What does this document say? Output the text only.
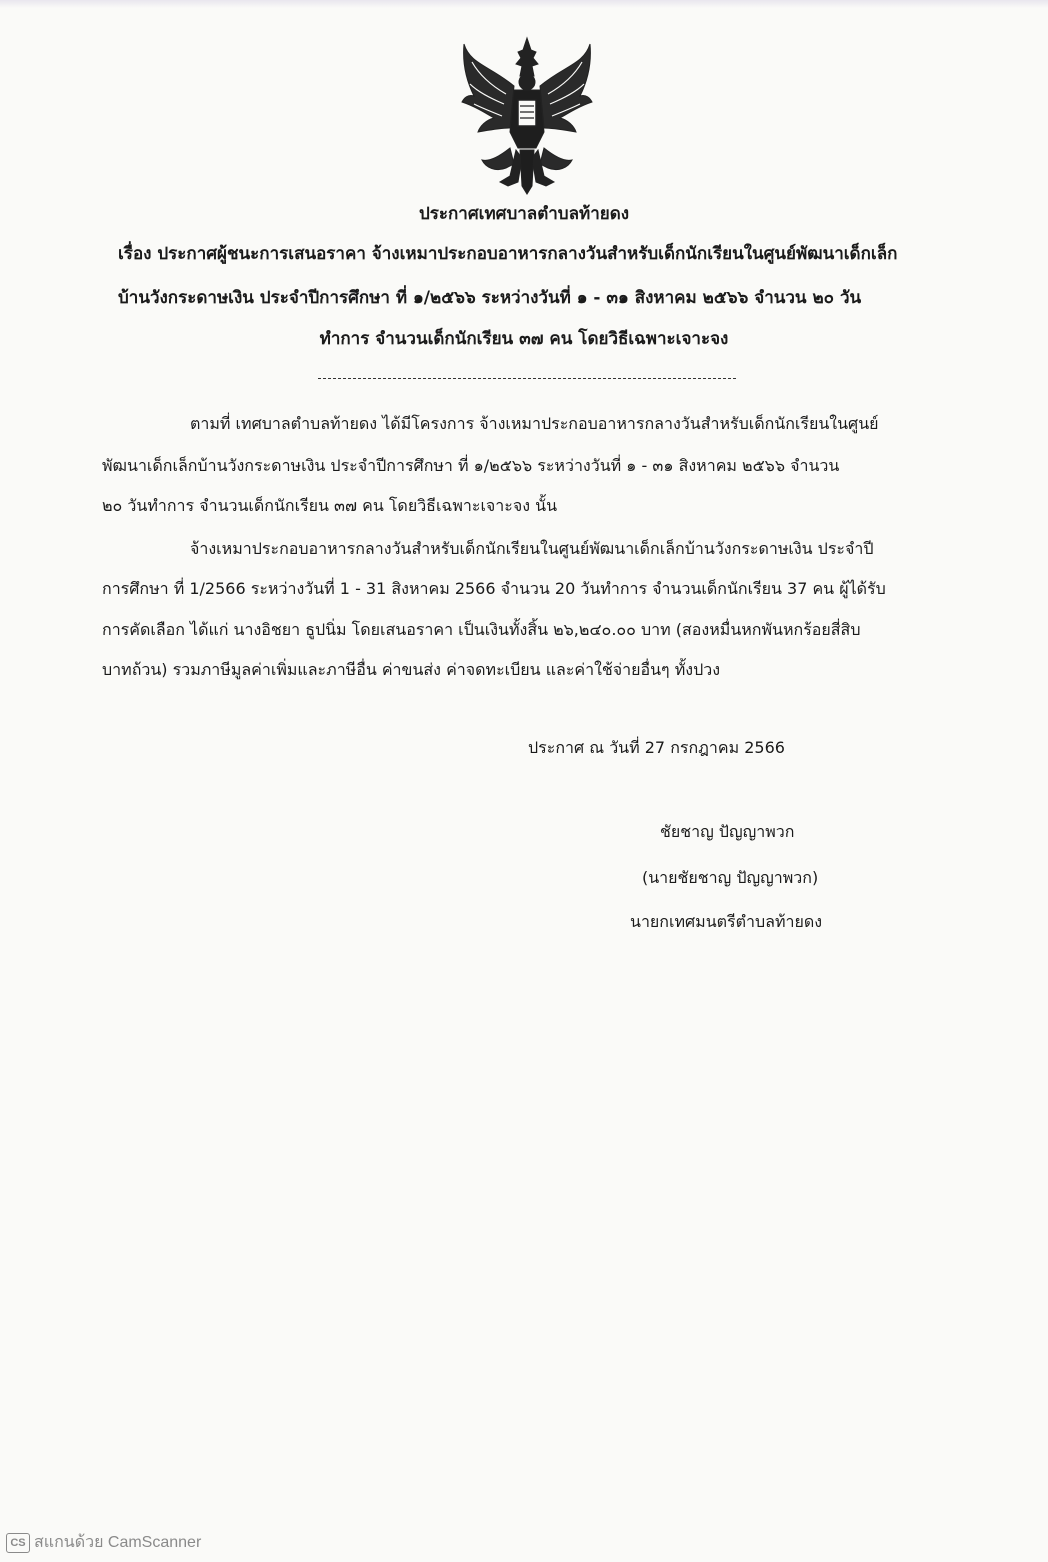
ประกาศเทศบาลตำบลท้ายดง
เรื่อง ประกาศผู้ชนะการเสนอราคา จ้างเหมาประกอบอาหารกลางวันสำหรับเด็กนักเรียนในศูนย์พัฒนาเด็กเล็ก
บ้านวังกระดาษเงิน ประจำปีการศึกษา ที่ ๑/๒๕๖๖ ระหว่างวันที่ ๑ - ๓๑ สิงหาคม ๒๕๖๖ จำนวน ๒๐ วัน
ทำการ จำนวนเด็กนักเรียน ๓๗ คน โดยวิธีเฉพาะเจาะจง
ตามที่ เทศบาลตำบลท้ายดง ได้มีโครงการ จ้างเหมาประกอบอาหารกลางวันสำหรับเด็กนักเรียนในศูนย์
พัฒนาเด็กเล็กบ้านวังกระดาษเงิน ประจำปีการศึกษา ที่ ๑/๒๕๖๖ ระหว่างวันที่ ๑ - ๓๑ สิงหาคม ๒๕๖๖ จำนวน
๒๐ วันทำการ จำนวนเด็กนักเรียน ๓๗ คน โดยวิธีเฉพาะเจาะจง นั้น
จ้างเหมาประกอบอาหารกลางวันสำหรับเด็กนักเรียนในศูนย์พัฒนาเด็กเล็กบ้านวังกระดาษเงิน ประจำปี
การศึกษา ที่ 1/2566 ระหว่างวันที่ 1 - 31 สิงหาคม 2566 จำนวน 20 วันทำการ จำนวนเด็กนักเรียน 37 คน ผู้ได้รับ
การคัดเลือก ได้แก่ นางอิชยา ธูปนิ่ม โดยเสนอราคา เป็นเงินทั้งสิ้น ๒๖,๒๔๐.๐๐ บาท (สองหมื่นหกพันหกร้อยสี่สิบ
บาทถ้วน) รวมภาษีมูลค่าเพิ่มและภาษีอื่น ค่าขนส่ง ค่าจดทะเบียน และค่าใช้จ่ายอื่นๆ ทั้งปวง
ประกาศ ณ วันที่ 27 กรกฎาคม 2566
ชัยชาญ ปัญญาพวก
(นายชัยชาญ ปัญญาพวก)
นายกเทศมนตรีตำบลท้ายดง
CS สแกนด้วย CamScanner
